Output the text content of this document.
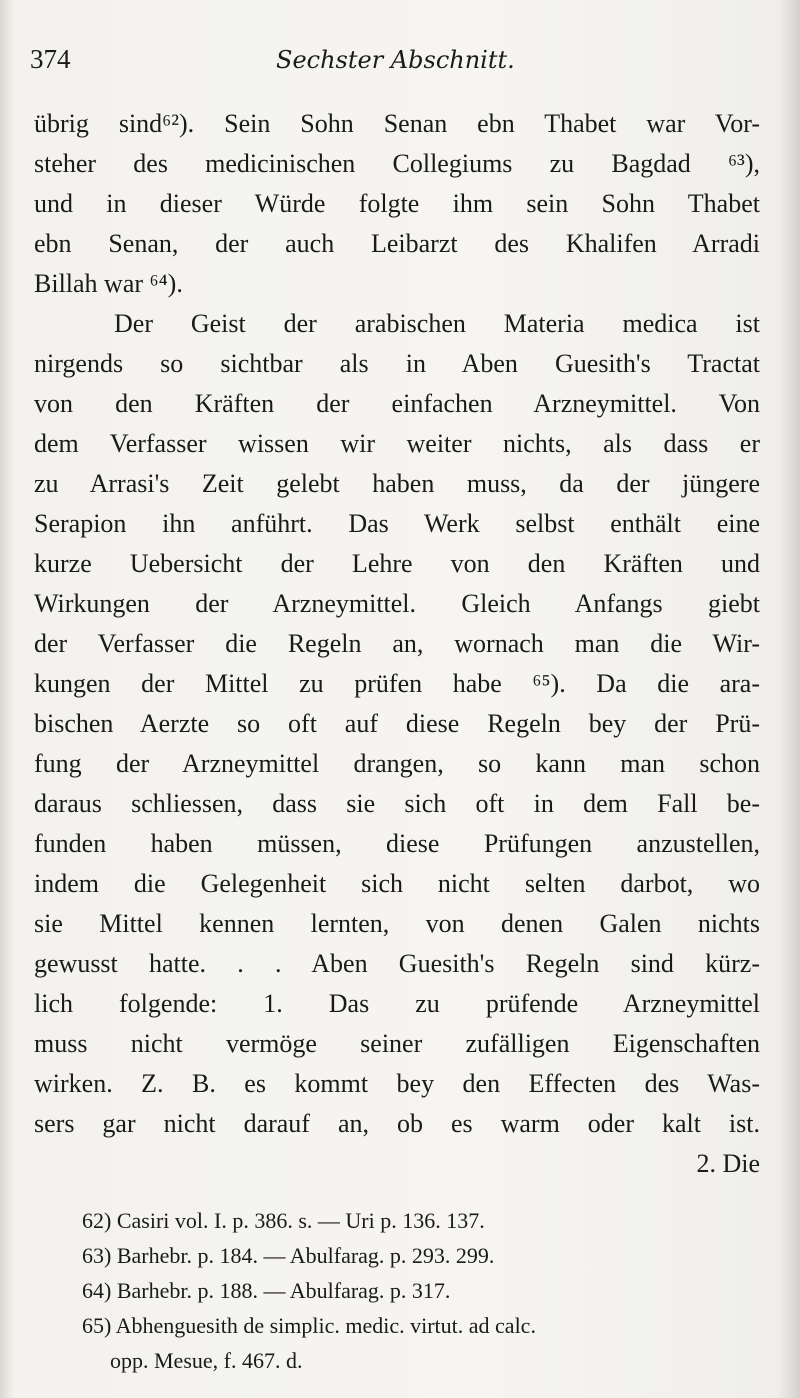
374	Sechster Abschnitt.
übrig sind⁶²). Sein Sohn Senan ebn Thabet war Vor-
steher des medicinischen Collegiums zu Bagdad ⁶³),
und in dieser Würde folgte ihm sein Sohn Thabet
ebn Senan, der auch Leibarzt des Khalifen Arradi
Billah war ⁶⁴).
Der Geist der arabischen Materia medica ist
nirgends so sichtbar als in Aben Guesith's Tractat
von den Kräften der einfachen Arzneymittel. Von
dem Verfasser wissen wir weiter nichts, als dass er
zu Arrasi's Zeit gelebt haben muss, da der jüngere
Serapion ihn anführt. Das Werk selbst enthält eine
kurze Uebersicht der Lehre von den Kräften und
Wirkungen der Arzneymittel. Gleich Anfangs giebt
der Verfasser die Regeln an, wornach man die Wir-
kungen der Mittel zu prüfen habe ⁶⁵). Da die ara-
bischen Aerzte so oft auf diese Regeln bey der Prü-
fung der Arzneymittel drangen, so kann man schon
daraus schliessen, dass sie sich oft in dem Fall be-
funden haben müssen, diese Prüfungen anzustellen,
indem die Gelegenheit sich nicht selten darbot, wo
sie Mittel kennen lernten, von denen Galen nichts
gewusst hatte. . . Aben Guesith's Regeln sind kürz-
lich folgende: 1. Das zu prüfende Arzneymittel
muss nicht vermöge seiner zufälligen Eigenschaften
wirken. Z. B. es kommt bey den Effecten des Was-
sers gar nicht darauf an, ob es warm oder kalt ist.
2. Die
62) Casiri vol. I. p. 386. s. — Uri p. 136. 137.
63) Barhebr. p. 184. — Abulfarag. p. 293. 299.
64) Barhebr. p. 188. — Abulfarag. p. 317.
65) Abhenguesith de simplic. medic. virtut. ad calc.
opp. Mesue, f. 467. d.
